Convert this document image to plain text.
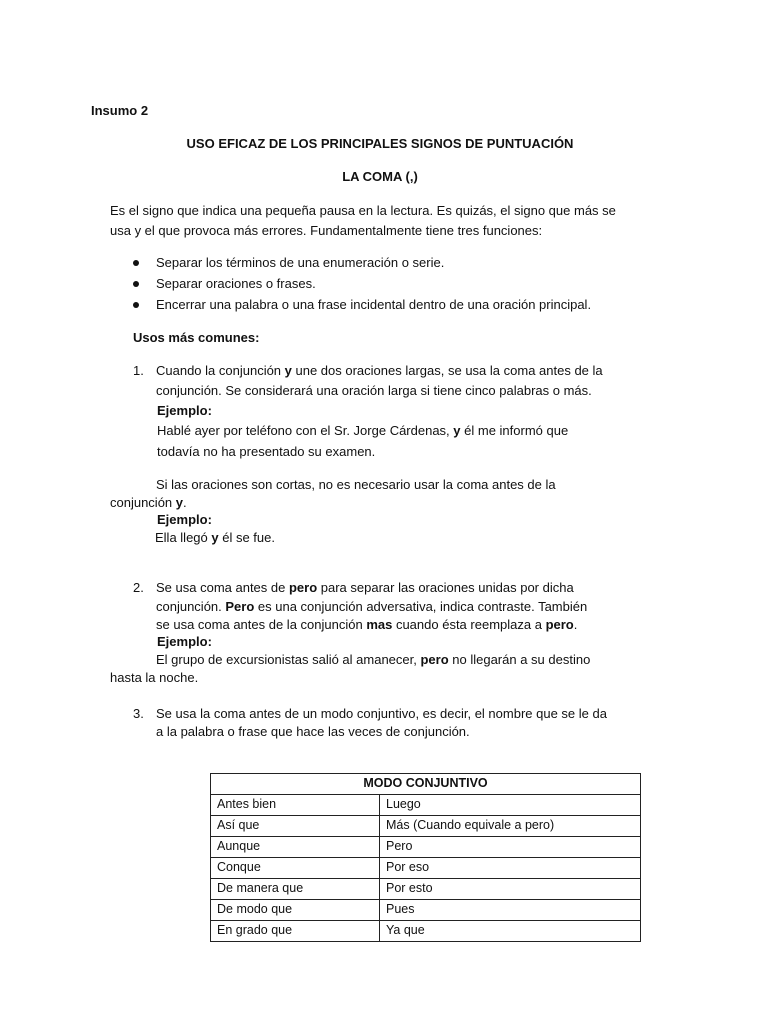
Insumo 2
USO EFICAZ DE LOS PRINCIPALES SIGNOS DE PUNTUACIÓN
LA COMA (,)
Es el signo que indica una pequeña pausa en la lectura. Es quizás, el signo que más se
usa y el que provoca más errores. Fundamentalmente tiene tres funciones:
Separar los términos de una enumeración o serie.
Separar oraciones o frases.
Encerrar una palabra o una frase incidental dentro de una oración principal.
Usos más comunes:
1. Cuando la conjunción y une dos oraciones largas, se usa la coma antes de la
conjunción. Se considerará una oración larga si tiene cinco palabras o más.
Ejemplo:
Hablé ayer por teléfono con el Sr. Jorge Cárdenas, y él me informó que
todavía no ha presentado su examen.
Si las oraciones son cortas, no es necesario usar la coma antes de la
conjunción y.
Ejemplo:
Ella llegó y él se fue.
2. Se usa coma antes de pero para separar las oraciones unidas por dicha
conjunción. Pero es una conjunción adversativa, indica contraste. También
se usa coma antes de la conjunción mas cuando ésta reemplaza a pero.
Ejemplo:
El grupo de excursionistas salió al amanecer, pero no llegarán a su destino
hasta la noche.
3. Se usa la coma antes de un modo conjuntivo, es decir, el nombre que se le da
a la palabra o frase que hace las veces de conjunción.
MODO CONJUNTIVO	
Antes bien	Luego
Así que	Más (Cuando equivale a pero)
Aunque	Pero
Conque	Por eso
De manera que	Por esto
De modo que	Pues
En grado que	Ya que
